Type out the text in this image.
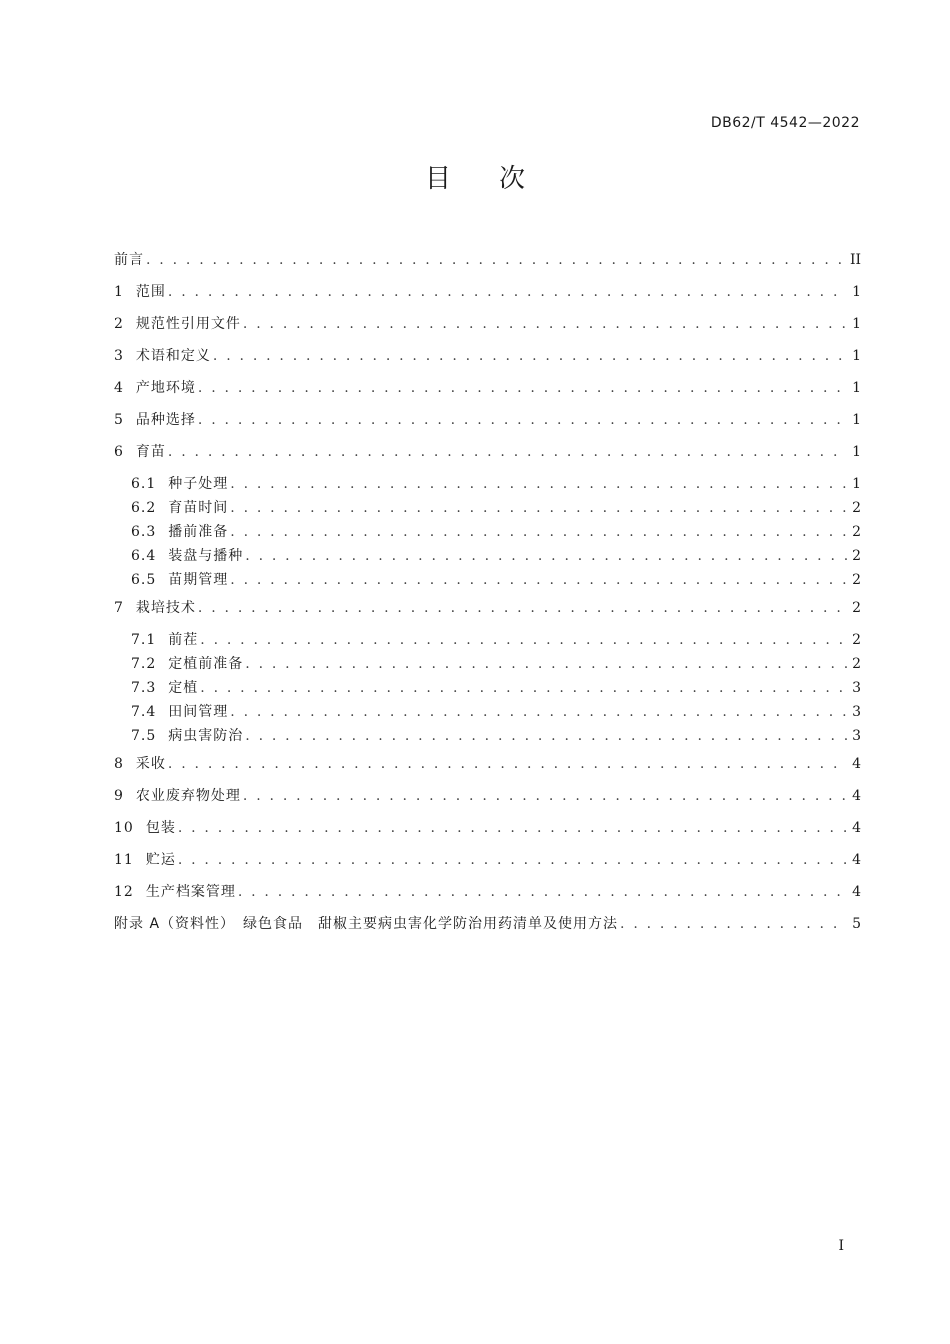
DB62/T 4542—2022
目次
前言 . . .	II
1 范围 . . .	1
2 规范性引用文件 . . .	1
3 术语和定义 . . .	1
4 产地环境 . . .	1
5 品种选择 . . .	1
6 育苗 . . .	1
6.1 种子处理 . . .	1
6.2 育苗时间 . . .	2
6.3 播前准备 . . .	2
6.4 装盘与播种 . . .	2
6.5 苗期管理 . . .	2
7 栽培技术 . . .	2
7.1 前茬 . . .	2
7.2 定植前准备 . . .	2
7.3 定植 . . .	3
7.4 田间管理 . . .	3
7.5 病虫害防治 . . .	3
8 采收 . . .	4
9 农业废弃物处理 . . .	4
10 包装 . . .	4
11 贮运 . . .	4
12 生产档案管理 . . .	4
附录 A（资料性）　绿色食品　甜椒主要病虫害化学防治用药清单及使用方法 . . .	5
I
